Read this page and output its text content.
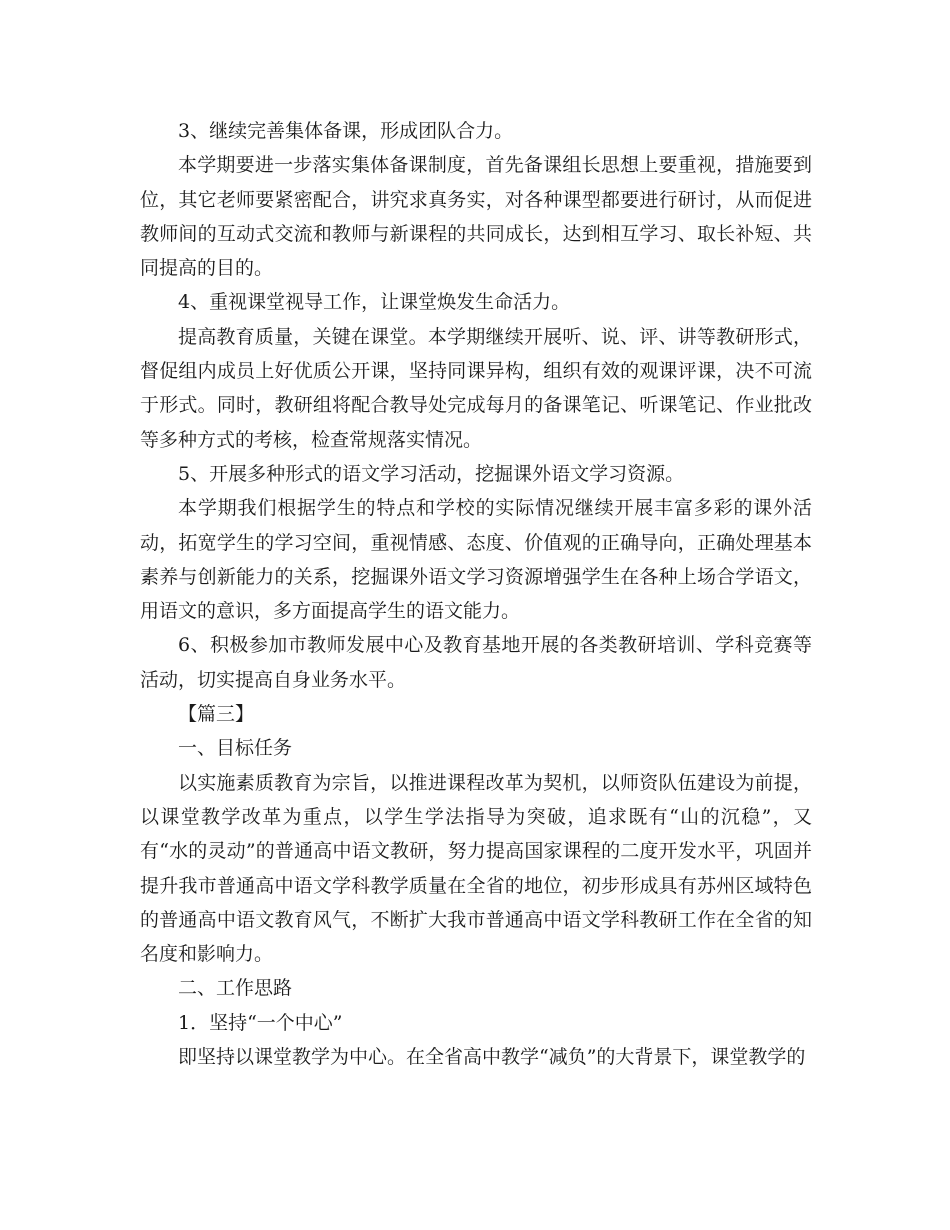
3、继续完善集体备课，形成团队合力。

本学期要进一步落实集体备课制度，首先备课组长思想上要重视，措施要到位，其它老师要紧密配合，讲究求真务实，对各种课型都要进行研讨，从而促进教师间的互动式交流和教师与新课程的共同成长，达到相互学习、取长补短、共同提高的目的。

4、重视课堂视导工作，让课堂焕发生命活力。

提高教育质量，关键在课堂。本学期继续开展听、说、评、讲等教研形式，督促组内成员上好优质公开课，坚持同课异构，组织有效的观课评课，决不可流于形式。同时，教研组将配合教导处完成每月的备课笔记、听课笔记、作业批改等多种方式的考核，检查常规落实情况。

5、开展多种形式的语文学习活动，挖掘课外语文学习资源。

本学期我们根据学生的特点和学校的实际情况继续开展丰富多彩的课外活动，拓宽学生的学习空间，重视情感、态度、价值观的正确导向，正确处理基本素养与创新能力的关系，挖掘课外语文学习资源增强学生在各种上场合学语文，用语文的意识，多方面提高学生的语文能力。

6、积极参加市教师发展中心及教育基地开展的各类教研培训、学科竞赛等活动，切实提高自身业务水平。

【篇三】

一、目标任务

以实施素质教育为宗旨，以推进课程改革为契机，以师资队伍建设为前提，以课堂教学改革为重点，以学生学法指导为突破，追求既有“山的沉稳”，又有“水的灵动”的普通高中语文教研，努力提高国家课程的二度开发水平，巩固并提升我市普通高中语文学科教学质量在全省的地位，初步形成具有苏州区域特色的普通高中语文教育风气，不断扩大我市普通高中语文学科教研工作在全省的知名度和影响力。

二、工作思路

1．坚持“一个中心”

即坚持以课堂教学为中心。在全省高中教学“减负”的大背景下，课堂教学的
